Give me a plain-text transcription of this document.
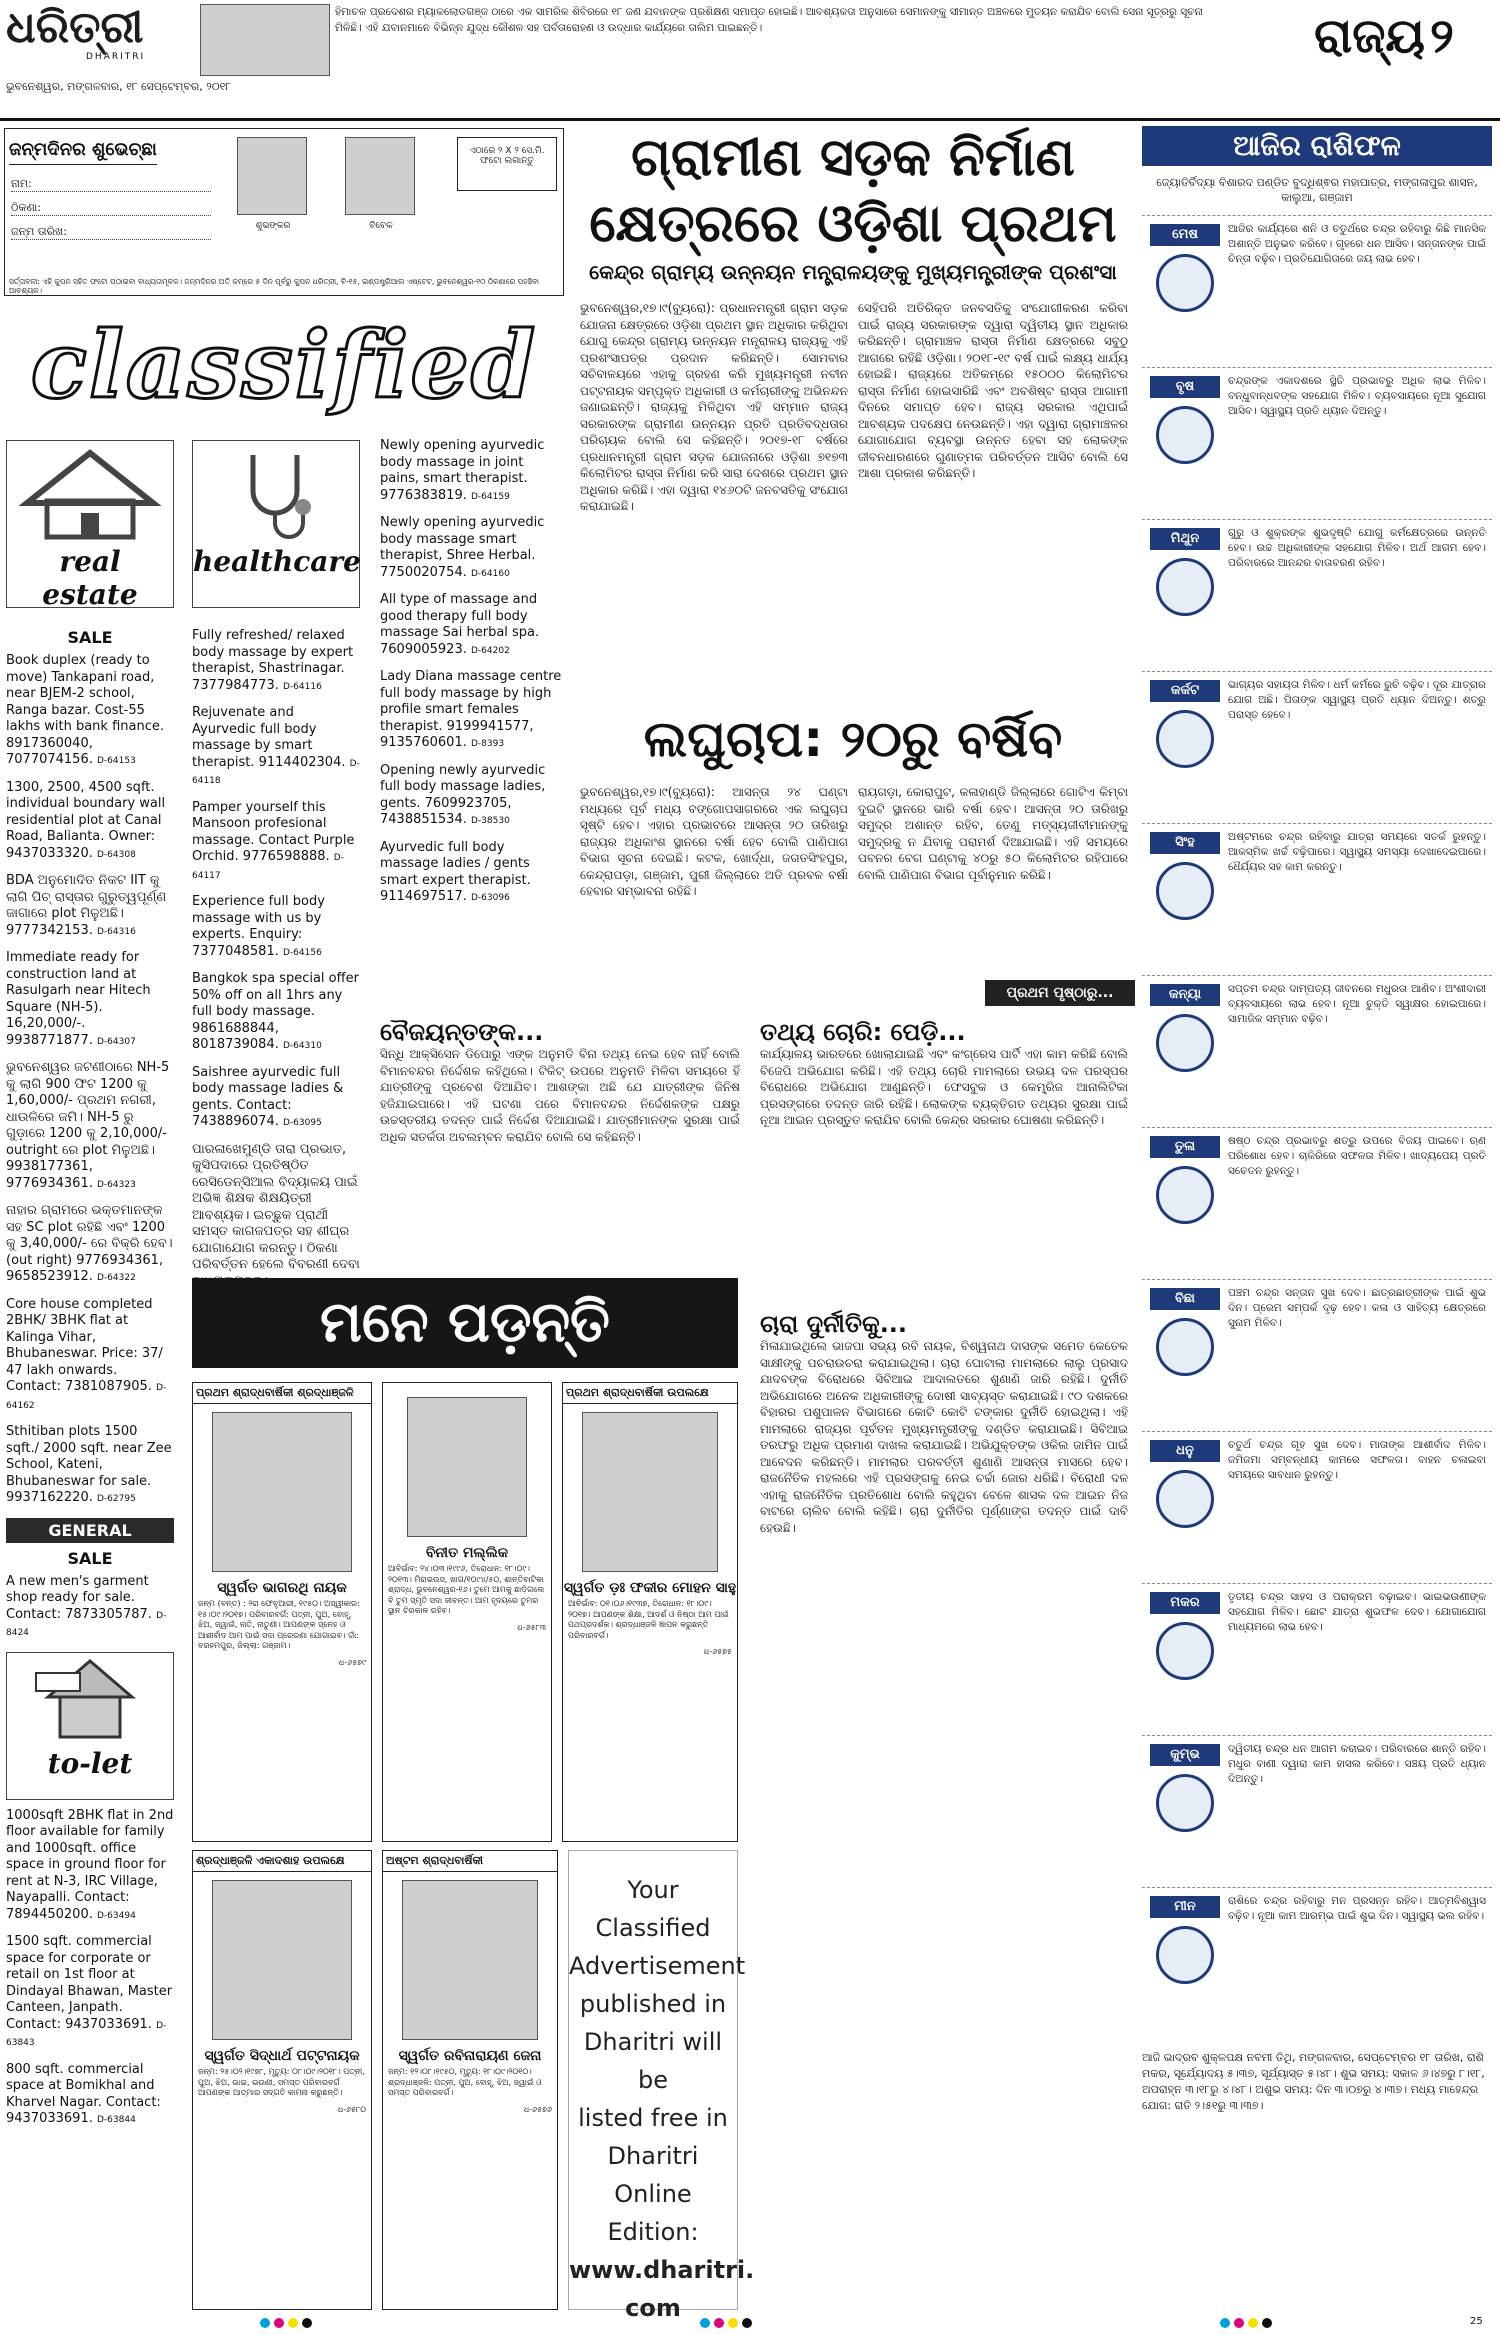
ଧରିତ୍ରୀ
DHARITRI
ହିମାଚଳ ପ୍ରଦେଶର ମ୍ୟାକଲୋଡଗଞ୍ଜ ଠାରେ ଏକ ସାମରିକ ଶିବିରରେ ୧୮ ଜଣ ଯବାନଙ୍କ ପ୍ରଶିକ୍ଷଣ ସମାପ୍ତ ହୋଇଛି। ଆବଶ୍ୟକତା ଅନୁସାରେ ସେମାନଙ୍କୁ ସୀମାନ୍ତ ଅଞ୍ଚଳରେ ମୁତୟନ କରାଯିବ ବୋଲି ସେନା ସୂତ୍ରରୁ ସୂଚନା ମିଳିଛି। ଏହି ଯବାନମାନେ ବିଭିନ୍ନ ଯୁଦ୍ଧ କୌଶଳ ସହ ପର୍ବତାରୋହଣ ଓ ଉଦ୍ଧାର କାର୍ଯ୍ୟରେ ତାଲିମ ପାଇଛନ୍ତି।	ରାଜ୍ୟ ୨
ଭୁବନେଶ୍ୱର, ମଙ୍ଗଳବାର, ୧୮ ସେପ୍ଟେମ୍ବର, ୨୦୧୮
ଜନ୍ମଦିନର ଶୁଭେଚ୍ଛା
ନାମ:
ଠିକଣା:
ଜନ୍ମ ତାରିଖ:	ଶୁଭଙ୍କର	ବିବେକ
ଏଠାରେ ୨ X ୨ ସେ.ମି. ଫଟୋ ଲଗାନ୍ତୁ
ସର୍ତ୍ତାବଳୀ: ଏହି କୁପନ ସହିତ ଫଟୋ ପଠାଇବା ବାଧ୍ୟତାମୂଳକ। ଜନ୍ମଦିନର ଅତି କମ୍‌ରେ ୫ ଦିନ ପୂର୍ବରୁ କୁପନ ଧରିତ୍ରୀ, ବି-୧୫, ଇଣ୍ଡଷ୍ଟ୍ରିଆଲ ଏଷ୍ଟେଟ, ଭୁବନେଶ୍ୱର-୧୦ ଠିକଣାରେ ପହଞ୍ଚିବା ଆବଶ୍ୟକ।
classified
real estate
SALE
Book duplex (ready to move) Tankapani road, near BJEM-2 school, Ranga bazar. Cost-55 lakhs with bank finance. 8917360040, 7077074156. D-64153
1300, 2500, 4500 sqft. individual boundary wall residential plot at Canal Road, Balianta. Owner: 9437033320. D-64308
BDA ଅନୁମୋଦିତ ନିକଟ IIT କୁ ଲାଗି ପିଚ୍ ରାସ୍ତାର ଗୁରୁତ୍ୱପୂର୍ଣ୍ଣ ଜାଗାରେ plot ମିଳୁଅଛି। 9777342153. D-64316
Immediate ready for construction land at Rasulgarh near Hitech Square (NH-5). 16,20,000/-. 9938771877. D-64307
ଭୁବନେଶ୍ୱର ଜଟଣୀଠାରେ NH-5 କୁ ଲାଗି 900 ଫିଟ 1200 କୁ 1,60,000/- ପ୍ରଥମ ନଗରୀ, ଧାଉଳିରେ ଜମି। NH-5 ରୁ ଗୁଡ଼ାରେ 1200 କୁ 2,10,000/- outright ରେ plot ମିଳୁଅଛି। 9938177361, 9776934361. D-64323
ନାହାର ଗ୍ରାମରେ ଭକ୍ତମାନଙ୍କ ସହ SC plot ରହିଛି ଏବଂ 1200 କୁ 3,40,000/- ରେ ବିକ୍ରି ହେବ। (out right) 9776934361, 9658523912. D-64322
Core house completed 2BHK/ 3BHK flat at Kalinga Vihar, Bhubaneswar. Price: 37/ 47 lakh onwards. Contact: 7381087905. D-64162
Sthitiban plots 1500 sqft./ 2000 sqft. near Zee School, Kateni, Bhubaneswar for sale. 9937162220. D-62795
GENERAL
SALE
A new men's garment shop ready for sale. Contact: 7873305787. D-8424
to-let
1000sqft 2BHK flat in 2nd floor available for family and 1000sqft. office space in ground floor for rent at N-3, IRC Village, Nayapalli. Contact: 7894450200. D-63494
1500 sqft. commercial space for corporate or retail on 1st floor at Dindayal Bhawan, Master Canteen, Janpath. Contact: 9437033691. D-63843
800 sqft. commercial space at Bomikhal and Kharvel Nagar. Contact: 9437033691. D-63844
healthcare
Fully refreshed/ relaxed body massage by expert therapist, Shastrinagar. 7377984773. D-64116
Rejuvenate and Ayurvedic full body massage by smart therapist. 9114402304. D-64118
Pamper yourself this Mansoon profesional massage. Contact Purple Orchid. 9776598888. D-64117
Experience full body massage with us by experts. Enquiry: 7377048581. D-64156
Bangkok spa special offer 50% off on all 1hrs any full body massage. 9861688844, 8018739084. D-64310
Saishree ayurvedic full body massage ladies & gents. Contact: 7438896074. D-63095
ପାରଳାଖେମୁଣ୍ଡି ତାରା ପ୍ରଭାତ, କୁସିପଦାରେ ପ୍ରତିଷ୍ଠିତ ରେସିଡେନ୍ସିଆଲ ବିଦ୍ୟାଳୟ ପାଇଁ ଅଭିଜ୍ଞ ଶିକ୍ଷକ ଶିକ୍ଷୟିତ୍ରୀ ଆବଶ୍ୟକ। ଇଚ୍ଛୁକ ପ୍ରାର୍ଥୀ ସମସ୍ତ କାଗଜପତ୍ର ସହ ଶୀଘ୍ର ଯୋଗାଯୋଗ କରନ୍ତୁ। ଠିକଣା ପରିବର୍ତ୍ତନ ହେଲେ ବିବରଣୀ ଦେବା
Newly opening ayurvedic body massage in joint pains, smart therapist. 9776383819. D-64159
Newly opening ayurvedic body massage smart therapist, Shree Herbal. 7750020754. D-64160
All type of massage and good therapy full body massage Sai herbal spa. 7609005923. D-64202
Lady Diana massage centre full body massage by high profile smart females therapist. 9199941577, 9135760601. D-8393
Opening newly ayurvedic full body massage ladies, gents. 7609923705, 7438851534. D-38530
Ayurvedic full body massage ladies / gents smart expert therapist. 9114697517. D-63096
ଗ୍ରାମୀଣ ସଡ଼କ ନିର୍ମାଣ
କ୍ଷେତ୍ରରେ ଓଡ଼ିଶା ପ୍ରଥମ
କେନ୍ଦ୍ର ଗ୍ରାମ୍ୟ ଉନ୍ନୟନ ମନ୍ତ୍ରାଳୟଙ୍କୁ ମୁଖ୍ୟମନ୍ତ୍ରୀଙ୍କ ପ୍ରଶଂସା
ଭୁବନେଶ୍ୱର,୧୭।୯(ବ୍ୟୁରୋ): ପ୍ରଧାନମନ୍ତ୍ରୀ ଗ୍ରାମ ସଡ଼କ ଯୋଜନା କ୍ଷେତ୍ରରେ ଓଡ଼ିଶା ପ୍ରଥମ ସ୍ଥାନ ଅଧିକାର କରିଥିବା ଯୋଗୁ କେନ୍ଦ୍ର ଗ୍ରାମ୍ୟ ଉନ୍ନୟନ ମନ୍ତ୍ରାଳୟ ରାଜ୍ୟକୁ ଏହି ପ୍ରଶଂସାପତ୍ର ପ୍ରଦାନ କରିଛନ୍ତି। ସୋମବାର ସଚିବାଳୟରେ ଏହାକୁ ଗ୍ରହଣ କରି ମୁଖ୍ୟମନ୍ତ୍ରୀ ନବୀନ ପଟ୍ଟନାୟକ ସମ୍ପୃକ୍ତ ଅଧିକାରୀ ଓ କର୍ମଚାରୀଙ୍କୁ ଅଭିନନ୍ଦନ ଜଣାଇଛନ୍ତି। ରାଜ୍ୟକୁ ମିଳିଥିବା ଏହି ସମ୍ମାନ ରାଜ୍ୟ ସରକାରଙ୍କ ଗ୍ରାମୀଣ ଉନ୍ନୟନ ପ୍ରତି ପ୍ରତିବଦ୍ଧତାର ପରିଚାୟକ ବୋଲି ସେ କହିଛନ୍ତି। ୨୦୧୭-୧୮ ବର୍ଷରେ ପ୍ରଧାନମନ୍ତ୍ରୀ ଗ୍ରାମ ସଡ଼କ ଯୋଜନାରେ ଓଡ଼ିଶା ୭୧୭୩ କିଲୋମିଟର ରାସ୍ତା ନିର୍ମାଣ କରି ସାରା ଦେଶରେ ପ୍ରଥମ ସ୍ଥାନ ଅଧିକାର କରିଛି। ଏହା ଦ୍ୱାରା ୧୪୬୦ଟି ଜନବସତିକୁ ସଂଯୋଗ କରାଯାଇଛି।
ସେହିପରି ଅତିରିକ୍ତ ଜନବସତିକୁ ସଂଯୋଗୀକରଣ କରିବା ପାଇଁ ରାଜ୍ୟ ସରକାରଙ୍କ ଦ୍ୱାରା ଦ୍ୱିତୀୟ ସ୍ଥାନ ଅଧିକାର କରିଛନ୍ତି। ଗ୍ରାମାଞ୍ଚଳ ରାସ୍ତା ନିର୍ମାଣ କ୍ଷେତ୍ରରେ ସବୁଠୁ ଆଗରେ ରହିଛି ଓଡ଼ିଶା। ୨୦୧୮-୧୯ ବର୍ଷ ପାଇଁ ଲକ୍ଷ୍ୟ ଧାର୍ଯ୍ୟ ହୋଇଛି। ରାଜ୍ୟରେ ଅତିକମ୍‌ରେ ୧୫୦୦୦ କିଲୋମିଟର ରାସ୍ତା ନିର୍ମାଣ ହୋଇସାରିଛି ଏବଂ ଅବଶିଷ୍ଟ ରାସ୍ତା ଆଗାମୀ ଦିନରେ ସମାପ୍ତ ହେବ। ରାଜ୍ୟ ସରକାର ଏଥିପାଇଁ ଆବଶ୍ୟକ ପଦକ୍ଷେପ ନେଉଛନ୍ତି। ଏହା ଦ୍ୱାରା ଗ୍ରାମାଞ୍ଚଳର ଯୋଗାଯୋଗ ବ୍ୟବସ୍ଥା ଉନ୍ନତ ହେବା ସହ ଲୋକଙ୍କ ଜୀବନଧାରଣରେ ଗୁଣାତ୍ମକ ପରିବର୍ତ୍ତନ ଆସିବ ବୋଲି ସେ ଆଶା ପ୍ରକାଶ କରିଛନ୍ତି।
ଲଘୁଚାପ: ୨୦ରୁ ବର୍ଷିବ
ଭୁବନେଶ୍ୱର,୧୭।୯(ବ୍ୟୁରୋ): ଆସନ୍ତା ୨୪ ଘଣ୍ଟା ମଧ୍ୟରେ ପୂର୍ବ ମଧ୍ୟ ବଙ୍ଗୋପସାଗରରେ ଏକ ଲଘୁଚାପ ସୃଷ୍ଟି ହେବ। ଏହାର ପ୍ରଭାବରେ ଆସନ୍ତା ୨୦ ତାରିଖରୁ ରାଜ୍ୟର ଅଧିକାଂଶ ସ୍ଥାନରେ ବର୍ଷା ହେବ ବୋଲି ପାଣିପାଗ ବିଭାଗ ସୂଚନା ଦେଇଛି। କଟକ, ଖୋର୍ଦ୍ଧା, ଜଗତସିଂହପୁର, କେନ୍ଦ୍ରାପଡ଼ା, ଗଞ୍ଜାମ, ପୁରୀ ଜିଲ୍ଲାରେ ଅତି ପ୍ରବଳ ବର୍ଷା ହେବାର ସମ୍ଭାବନା ରହିଛି।
ରାୟଗଡ଼ା, କୋରାପୁଟ, କଳାହାଣ୍ଡି ଜିଲ୍ଲାରେ ଗୋଟିଏ କିମ୍ବା ଦୁଇଟି ସ୍ଥାନରେ ଭାରି ବର୍ଷା ହେବ। ଆସନ୍ତା ୨୦ ତାରିଖରୁ ସମୁଦ୍ର ଅଶାନ୍ତ ରହିବ, ତେଣୁ ମତ୍ସ୍ୟଜୀବୀମାନଙ୍କୁ ସମୁଦ୍ରକୁ ନ ଯିବାକୁ ପରାମର୍ଶ ଦିଆଯାଇଛି। ଏହି ସମୟରେ ପବନର ବେଗ ଘଣ୍ଟାକୁ ୪୦ରୁ ୫୦ କିଲୋମିଟର ରହିପାରେ ବୋଲି ପାଣିପାଗ ବିଭାଗ ପୂର୍ବାନୁମାନ କରିଛି।
ପ୍ରଥମ ପୃଷ୍ଠାରୁ...
ବୈଜୟନ୍ତଙ୍କ...
ସିନ୍ଧି ଆକ୍ସିସେନ ଡିପୋରୁ ଏଙ୍କ ଅନୁମତି ବିନା ତଥ୍ୟ ନେଇ ହେବ ନାହିଁ ବୋଲି ବିମାନବନ୍ଦର ନିର୍ଦ୍ଦେଶକ କହିଥିଲେ। ଟିକିଟ୍ ଉପରେ ଅନୁମତି ମିଳିବା ସମୟରେ ହିଁ ଯାତ୍ରୀଙ୍କୁ ପ୍ରବେଶ ଦିଆଯିବ। ଆଶଙ୍କା ଅଛି ଯେ ଯାତ୍ରୀଙ୍କ ଜିନିଷ ହଜିଯାଇପାରେ। ଏହି ଘଟଣା ପରେ ବିମାନବନ୍ଦର ନିର୍ଦ୍ଦେଶକଙ୍କ ପକ୍ଷରୁ ଉଚ୍ଚସ୍ତରୀୟ ତଦନ୍ତ ପାଇଁ ନିର୍ଦ୍ଦେଶ ଦିଆଯାଇଛି। ଯାତ୍ରୀମାନଙ୍କ ସୁରକ୍ଷା ପାଇଁ ଅଧିକ ସତର୍କତା ଅବଲମ୍ବନ କରାଯିବ ବୋଲି ସେ କହିଛନ୍ତି।
ତଥ୍ୟ ଚୋରି: ପେଡ଼ି...
କାର୍ଯ୍ୟାଳୟ ଭାରତରେ ଖୋଲାଯାଇଛି ଏବଂ କଂଗ୍ରେସ ପାର୍ଟି ଏହା କାମ କରିଛି ବୋଲି ବିଜେପି ଅଭିଯୋଗ କରିଛି। ଏହି ତଥ୍ୟ ଚୋରି ମାମଲାରେ ଉଭୟ ଦଳ ପରସ୍ପର ବିରୋଧରେ ଅଭିଯୋଗ ଆଣୁଛନ୍ତି। ଫେସବୁକ ଓ କେମ୍ବ୍ରିଜ ଆନାଲିଟିକା ପ୍ରସଙ୍ଗରେ ତଦନ୍ତ ଜାରି ରହିଛି। ଲୋକଙ୍କ ବ୍ୟକ୍ତିଗତ ତଥ୍ୟର ସୁରକ୍ଷା ପାଇଁ ନୂଆ ଆଇନ ପ୍ରସ୍ତୁତ କରାଯିବ ବୋଲି କେନ୍ଦ୍ର ସରକାର ଘୋଷଣା କରିଛନ୍ତି।
ଚାରା ଦୁର୍ନୀତିକୁ...
ମିଳାଯାଇଥିଲେ ଭାଜପା ସଭ୍ୟ ରବି ନାୟକ, ବିଶ୍ୱନାଥ ଦାସଙ୍କ ସମେତ କେତେକ ସାକ୍ଷୀଙ୍କୁ ପଚରାଉଚରା କରାଯାଇଥିଲା। ଚାରା ଘୋଟାଲା ମାମଲାରେ ଲାଲୁ ପ୍ରସାଦ ଯାଦବଙ୍କ ବିରୋଧରେ ସିବିଆଇ ଆଦାଲତରେ ଶୁଣାଣି ଜାରି ରହିଛି। ଦୁର୍ନୀତି ଅଭିଯୋଗରେ ଅନେକ ଅଧିକାରୀଙ୍କୁ ଦୋଷୀ ସାବ୍ୟସ୍ତ କରାଯାଇଛି। ୯୦ ଦଶକରେ ବିହାରର ପଶୁପାଳନ ବିଭାଗରେ କୋଟି କୋଟି ଟଙ୍କାର ଦୁର୍ନୀତି ହୋଇଥିଲା। ଏହି ମାମଲାରେ ରାଜ୍ୟର ପୂର୍ବତନ ମୁଖ୍ୟମନ୍ତ୍ରୀଙ୍କୁ ଦଣ୍ଡିତ କରାଯାଇଛି। ସିବିଆଇ ତରଫରୁ ଅଧିକ ପ୍ରମାଣ ଦାଖଲ କରାଯାଇଛି। ଅଭିଯୁକ୍ତଙ୍କ ଓକିଲ ଜାମିନ ପାଇଁ ଆବେଦନ କରିଛନ୍ତି। ମାମଲାର ପରବର୍ତ୍ତୀ ଶୁଣାଣି ଆସନ୍ତା ମାସରେ ହେବ। ରାଜନୈତିକ ମହଲରେ ଏହି ପ୍ରସଙ୍ଗକୁ ନେଇ ଚର୍ଚ୍ଚା ଜୋର ଧରିଛି। ବିରୋଧୀ ଦଳ ଏହାକୁ ରାଜନୈତିକ ପ୍ରତିଶୋଧ ବୋଲି କହୁଥିବା ବେଳେ ଶାସକ ଦଳ ଆଇନ ନିଜ ବାଟରେ ଚାଲିବ ବୋଲି କହିଛି। ଚାରା ଦୁର୍ନୀତିର ପୂର୍ଣ୍ଣାଙ୍ଗ ତଦନ୍ତ ପାଇଁ ଦାବି ହେଉଛି।
ମନେ ପଡ଼ନ୍ତି
ପ୍ରଥମ ଶ୍ରାଦ୍ଧବାର୍ଷିକୀ ଶ୍ରଦ୍ଧାଞ୍ଜଳି
ସ୍ୱର୍ଗତ ଭାଗରଥି ନାୟକ
ଜନ୍ମ (ବନ୍ତ) : ୨ରା ଫେବୃଆରୀ, ୧୯୫୦। ଅସ୍ୱୀକାର: ୧୫।୦୯।୨୦୧୭। ପରିବାରବର୍ଗ: ପତ୍ନୀ, ପୁଅ, ବୋହୂ, ଝିଅ, ଜ୍ୱାଇଁ, ନାତି, ନାତୁଣୀ। ଆପଣଙ୍କ ସ୍ନେହ ଓ ଆଶୀର୍ବାଦ ଆମ ପାଇଁ ସଦା ପ୍ରେରଣା ଯୋଗାଇବ। ଗାଁ: ବରହମପୁର, ଜିଲ୍ଲା: ଗଞ୍ଜାମ।
ଧ-୬୫୭୯
ବିନୀତ ମଲ୍ଲିକ
ଆବିର୍ଭାବ: ୨୪।୦୩।୧୯୯୬, ତିରୋଧାନ: ୧୮।୦୯।୨୦୧୩। ମିରାଭଉସ, ଖାଗ/୧୦୯୪/୫୦, ଶାନ୍ତିବାଟିକା ଶ୍ରାଦ୍ଧ, ଭୁବନେଶ୍ୱର-୧୬। ତୁମେ ଆମକୁ ଛାଡ଼ିଗଲେ ବି ତୁମ ସ୍ମୃତି ସଦା ଜୀବନ୍ତ। ଆମ ହୃଦୟରେ ତୁମର ସ୍ଥାନ ଚିରକାଳ ରହିବ।
ଧ-୬୫୮୩
ପ୍ରଥମ ଶ୍ରାଦ୍ଧବାର୍ଷିକୀ ଉପଲକ୍ଷେ
ସ୍ୱର୍ଗତ ଡ଼ଃ ଫକୀର ମୋହନ ସାହୁ
ଆବିର୍ଭାବ: ୦୧।୦୬।୧୯୩୭, ତିରୋଧାନ: ୧୮।୦୯।୨୦୧୭। ଆପଣଙ୍କ ଶିକ୍ଷା, ଆଦର୍ଶ ଓ ନିଷ୍ଠା ଆମ ପାଇଁ ପଥପ୍ରଦର୍ଶକ। ଶ୍ରଦ୍ଧାଞ୍ଜଳି ଜ୍ଞାପନ କରୁଛନ୍ତି ପରିବାରବର୍ଗ।
ଧ-୬୫୭୫
ଶ୍ରଦ୍ଧାଞ୍ଜଳି ଏକାଦଶାହ ଉପଲକ୍ଷେ
ସ୍ୱର୍ଗତ ସିଦ୍ଧାର୍ଥ ପଟ୍ଟନାୟକ
ଜନ୍ମ: ୨୫।୦୨।୧୯୭୮, ମୃତ୍ୟୁ: ୦୮।୦୯।୨୦୧୮। ପତ୍ନୀ, ପୁଅ, ଝିଅ, ଭାଇ, ଭଉଣୀ, ସମସ୍ତ ପରିବାରବର୍ଗ ଆପଣଙ୍କ ଆତ୍ମାର ସଦ୍‌ଗତି କାମନା କରୁଛନ୍ତି।
ଧ-୬୫୮୦
ଅଷ୍ଟମ ଶ୍ରାଦ୍ଧବାର୍ଷିକୀ
ସ୍ୱର୍ଗତ ରବିନାରାୟଣ ଜେନା
ଜନ୍ମ: ୧୨।୦୮।୧୯୫୦, ମୃତ୍ୟୁ: ୧୮।୦୯।୨୦୧୦। ଶ୍ରଦ୍ଧାଞ୍ଜଳି: ପତ୍ନୀ, ପୁଅ, ବୋହୂ, ଝିଅ, ଜ୍ୱାଇଁ ଓ ସମସ୍ତ ପରିବାରବର୍ଗ।
ଧ-୬୫୭୬
Your
Classified
Advertisement
published in
Dharitri will be
listed free in
Dharitri
Online Edition:
www.dharitri.
com
ଆଜିର ରାଶିଫଳ
ଜ୍ୟୋତିର୍ବିଦ୍ୟା ବିଶାରଦ ପଣ୍ଡିତ ବୁଦ୍ଧିଶ୍ଵର ମହାପାତ୍ର, ମଙ୍ଗଳାପୁର ଶାସନ, କାଲୁଆ, ଗଞ୍ଜାମ
ମେଷ	ଆଜିର କାର୍ଯ୍ୟରେ ଶନି ଓ ଚତୁର୍ଥରେ ଚନ୍ଦ୍ର ରହିବାରୁ କିଛି ମାନସିକ ଅଶାନ୍ତି ଅନୁଭବ କରିବେ। ଗୃହରେ ଧନ ଆସିବ। ସନ୍ତାନଙ୍କ ପାଇଁ ଚିନ୍ତା ବଢ଼ିବ। ପ୍ରତିଯୋଗିତାରେ ଜୟ ଲାଭ ହେବ।
ବୃଷ	ଚନ୍ଦ୍ରଙ୍କ ଏକାଦଶରେ ସ୍ଥିତି ପ୍ରଭାବରୁ ଅଧିକ ଲାଭ ମିଳିବ। ବନ୍ଧୁବାନ୍ଧବଙ୍କ ସହଯୋଗ ମିଳିବ। ବ୍ୟବସାୟରେ ନୂଆ ସୁଯୋଗ ଆସିବ। ସ୍ୱାସ୍ଥ୍ୟ ପ୍ରତି ଧ୍ୟାନ ଦିଅନ୍ତୁ।
ମିଥୁନ	ଗୁରୁ ଓ ଶୁକ୍ରଙ୍କ ଶୁଭଦୃଷ୍ଟି ଯୋଗୁ କର୍ମକ୍ଷେତ୍ରରେ ଉନ୍ନତି ହେବ। ଉଚ୍ଚ ଅଧିକାରୀଙ୍କ ସହଯୋଗ ମିଳିବ। ଅର୍ଥ ଆଗମ ହେବ। ପରିବାରରେ ଆନନ୍ଦର ବାତାବରଣ ରହିବ।
କର୍କଟ	ଭାଗ୍ୟର ସହାୟତା ମିଳିବ। ଧର୍ମ କର୍ମରେ ରୁଚି ବଢ଼ିବ। ଦୂର ଯାତ୍ରାର ଯୋଗ ଅଛି। ପିତାଙ୍କ ସ୍ୱାସ୍ଥ୍ୟ ପ୍ରତି ଧ୍ୟାନ ଦିଅନ୍ତୁ। ଶତ୍ରୁ ପରାସ୍ତ ହେବେ।
ସିଂହ	ଅଷ୍ଟମରେ ଚନ୍ଦ୍ର ରହିବାରୁ ଯାତ୍ରା ସମୟରେ ସତର୍କ ରୁହନ୍ତୁ। ଆକସ୍ମିକ ଖର୍ଚ୍ଚ ବଢ଼ିପାରେ। ସ୍ୱାସ୍ଥ୍ୟ ସମସ୍ୟା ଦେଖାଦେଇପାରେ। ଧୈର୍ଯ୍ୟର ସହ କାମ କରନ୍ତୁ।
କନ୍ୟା	ସପ୍ତମ ଚନ୍ଦ୍ର ଦାମ୍ପତ୍ୟ ଜୀବନରେ ମଧୁରତା ଆଣିବ। ଅଂଶୀଦାରୀ ବ୍ୟବସାୟରେ ଲାଭ ହେବ। ନୂଆ ଚୁକ୍ତି ସ୍ୱାକ୍ଷର ହୋଇପାରେ। ସାମାଜିକ ସମ୍ମାନ ବଢ଼ିବ।
ତୁଳା	ଷଷ୍ଠ ଚନ୍ଦ୍ର ପ୍ରଭାବରୁ ଶତ୍ରୁ ଉପରେ ବିଜୟ ପାଇବେ। ଋଣ ପରିଶୋଧ ହେବ। ଚାକିରିରେ ସଫଳତା ମିଳିବ। ଖାଦ୍ୟପେୟ ପ୍ରତି ସଚେତନ ରୁହନ୍ତୁ।
ବିଛା	ପଞ୍ଚମ ଚନ୍ଦ୍ର ସନ୍ତାନ ସୁଖ ଦେବ। ଛାତ୍ରଛାତ୍ରୀଙ୍କ ପାଇଁ ଶୁଭ ଦିନ। ପ୍ରେମ ସମ୍ପର୍କ ଦୃଢ଼ ହେବ। କଳା ଓ ସାହିତ୍ୟ କ୍ଷେତ୍ରରେ ସୁନାମ ମିଳିବ।
ଧନୁ	ଚତୁର୍ଥ ଚନ୍ଦ୍ର ଗୃହ ସୁଖ ଦେବ। ମାତାଙ୍କ ଆଶୀର୍ବାଦ ମିଳିବ। ଜମିଜମା ସମ୍ବନ୍ଧୀୟ କାମରେ ସଫଳତା। ବାହନ ଚଳାଇବା ସମୟରେ ସାବଧାନ ରୁହନ୍ତୁ।
ମକର	ତୃତୀୟ ଚନ୍ଦ୍ର ସାହସ ଓ ପରାକ୍ରମ ବଢ଼ାଇବ। ଭାଇଭଉଣୀଙ୍କ ସହଯୋଗ ମିଳିବ। ଛୋଟ ଯାତ୍ରା ଶୁଭଫଳ ଦେବ। ଯୋଗାଯୋଗ ମାଧ୍ୟମରେ ଲାଭ ହେବ।
କୁମ୍ଭ	ଦ୍ୱିତୀୟ ଚନ୍ଦ୍ର ଧନ ଆଗମ କରାଇବ। ପରିବାରରେ ଶାନ୍ତି ରହିବ। ମଧୁର ବାଣୀ ଦ୍ୱାରା କାମ ହାସଲ କରିବେ। ସଞ୍ଚୟ ପ୍ରତି ଧ୍ୟାନ ଦିଅନ୍ତୁ।
ମୀନ	ରାଶିରେ ଚନ୍ଦ୍ର ରହିବାରୁ ମନ ପ୍ରସନ୍ନ ରହିବ। ଆତ୍ମବିଶ୍ୱାସ ବଢ଼ିବ। ନୂଆ କାମ ଆରମ୍ଭ ପାଇଁ ଶୁଭ ଦିନ। ସ୍ୱାସ୍ଥ୍ୟ ଭଲ ରହିବ।
ଆଜି ଭାଦ୍ରବ ଶୁକ୍ଳପକ୍ଷ ନବମୀ ତିଥି, ମଙ୍ଗଳବାର, ସେପ୍ଟେମ୍ବର ୧୮ ତାରିଖ, ରାଶି ମକର, ସୂର୍ଯ୍ୟୋଦୟ ୫।୩୭, ସୂର୍ଯ୍ୟାସ୍ତ ୫।୪୮। ଶୁଭ ସମୟ: ସକାଳ ୬।୪୭ରୁ ୮।୧୮, ଅପରାହ୍ନ ୩।୧୮ରୁ ୪।୪୮। ଅଶୁଭ ସମୟ: ଦିନ ୩।୦୭ରୁ ୪।୩୭। ମଧ୍ୟ ମାହେନ୍ଦ୍ର ଯୋଗ: ରାତି ୨।୫୧ରୁ ୩।୩୭।
25
